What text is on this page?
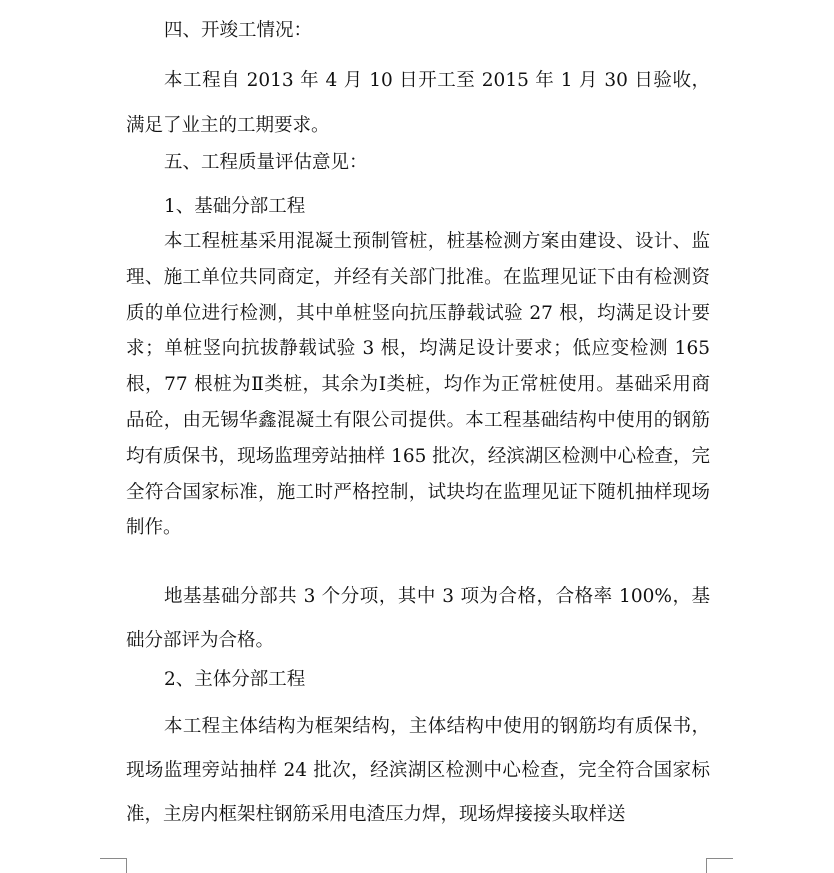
四、开竣工情况：

本工程自 2013 年 4 月 10 日开工至 2015 年 1 月 30 日验收，满足了业主的工期要求。

五、工程质量评估意见：

1、基础分部工程

本工程桩基采用混凝土预制管桩，桩基检测方案由建设、设计、监理、施工单位共同商定，并经有关部门批准。在监理见证下由有检测资质的单位进行检测，其中单桩竖向抗压静载试验 27 根，均满足设计要求；单桩竖向抗拔静载试验 3 根，均满足设计要求；低应变检测 165 根，77 根桩为Ⅱ类桩，其余为Ⅰ类桩，均作为正常桩使用。基础采用商品砼，由无锡华鑫混凝土有限公司提供。本工程基础结构中使用的钢筋均有质保书，现场监理旁站抽样 165 批次，经滨湖区检测中心检查，完全符合国家标准，施工时严格控制，试块均在监理见证下随机抽样现场制作。

地基基础分部共 3 个分项，其中 3 项为合格，合格率 100%，基础分部评为合格。

2、主体分部工程

本工程主体结构为框架结构，主体结构中使用的钢筋均有质保书，现场监理旁站抽样 24 批次，经滨湖区检测中心检查，完全符合国家标准，主房内框架柱钢筋采用电渣压力焊，现场焊接接头取样送
